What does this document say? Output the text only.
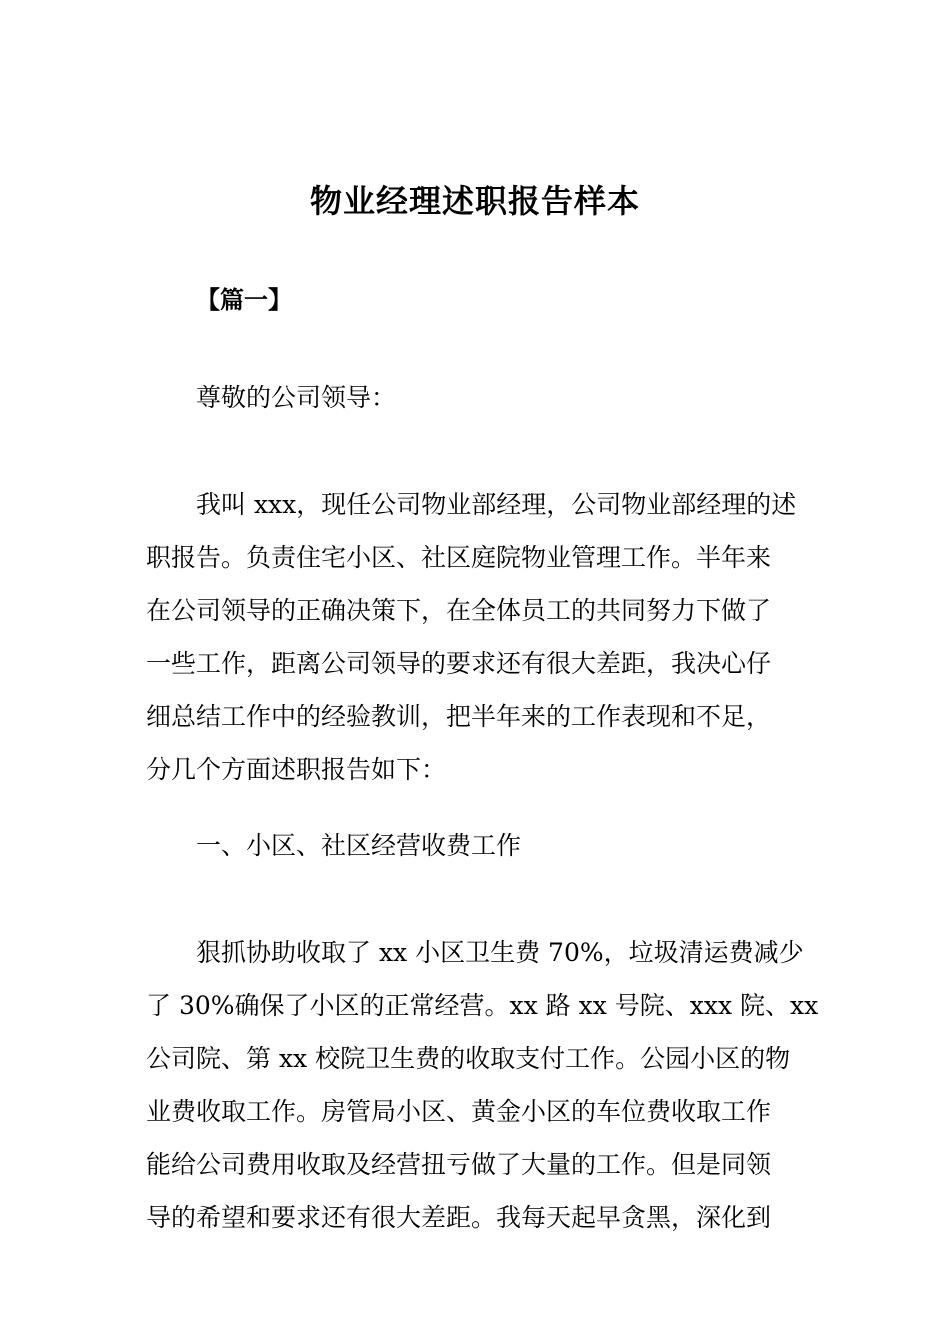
物业经理述职报告样本
【篇一】
尊敬的公司领导：
　　我叫 xxx，现任公司物业部经理，公司物业部经理的述
职报告。负责住宅小区、社区庭院物业管理工作。半年来
在公司领导的正确决策下，在全体员工的共同努力下做了
一些工作，距离公司领导的要求还有很大差距，我决心仔
细总结工作中的经验教训，把半年来的工作表现和不足，
分几个方面述职报告如下：
一、小区、社区经营收费工作
　　狠抓协助收取了 xx 小区卫生费 70%，垃圾清运费减少
了 30%确保了小区的正常经营。xx 路 xx 号院、xxx 院、xx
公司院、第 xx 校院卫生费的收取支付工作。公园小区的物
业费收取工作。房管局小区、黄金小区的车位费收取工作
能给公司费用收取及经营扭亏做了大量的工作。但是同领
导的希望和要求还有很大差距。我每天起早贪黑，深化到
